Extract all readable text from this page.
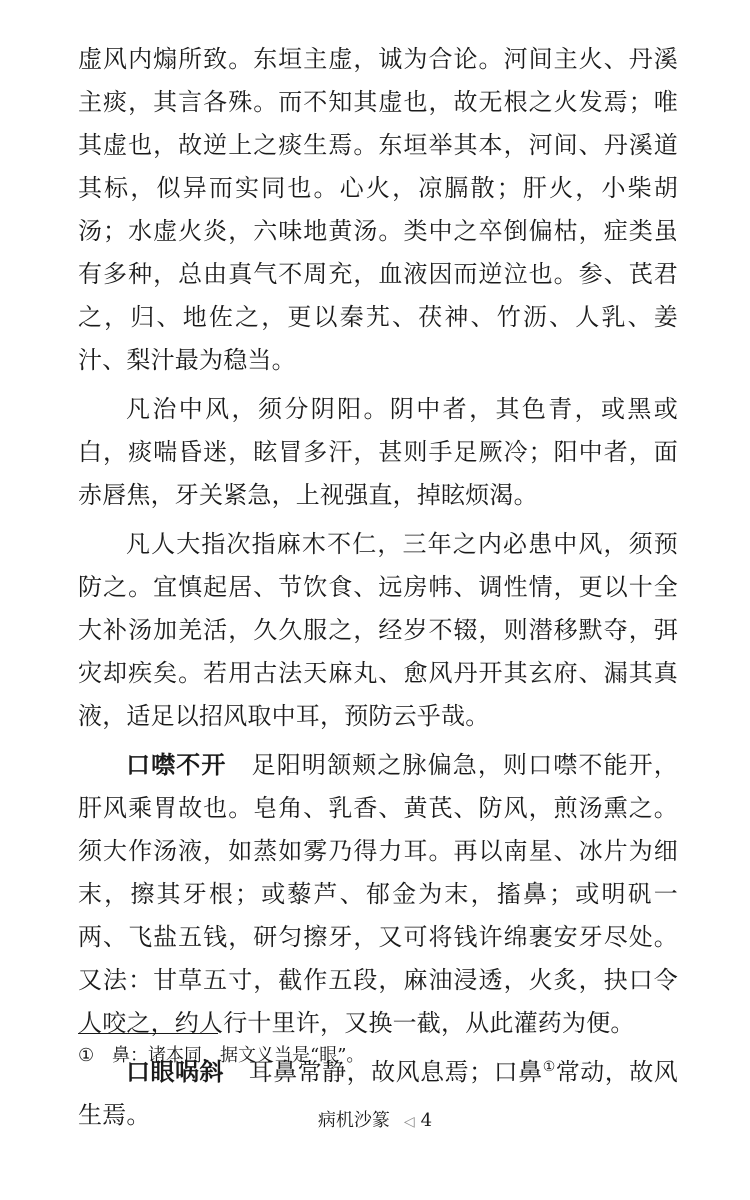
虚风内煽所致。东垣主虚，诚为合论。河间主火、丹溪主痰，其言各殊。而不知其虚也，故无根之火发焉；唯其虚也，故逆上之痰生焉。东垣举其本，河间、丹溪道其标，似异而实同也。心火，凉膈散；肝火，小柴胡汤；水虚火炎，六味地黄汤。类中之卒倒偏枯，症类虽有多种，总由真气不周充，血液因而逆泣也。参、芪君之，归、地佐之，更以秦艽、茯神、竹沥、人乳、姜汁、梨汁最为稳当。

凡治中风，须分阴阳。阴中者，其色青，或黑或白，痰喘昏迷，眩冒多汗，甚则手足厥冷；阳中者，面赤唇焦，牙关紧急，上视强直，掉眩烦渴。

凡人大指次指麻木不仁，三年之内必患中风，须预防之。宜慎起居、节饮食、远房帏、调性情，更以十全大补汤加羌活，久久服之，经岁不辍，则潜移默夺，弭灾却疾矣。若用古法天麻丸、愈风丹开其玄府、漏其真液，适足以招风取中耳，预防云乎哉。

口噤不开　 足阳明颔颊之脉偏急，则口噤不能开，肝风乘胃故也。皂角、乳香、黄芪、防风，煎汤熏之。须大作汤液，如蒸如雾乃得力耳。再以南星、冰片为细末，擦其牙根；或藜芦、郁金为末，搐鼻；或明矾一两、飞盐五钱，研匀擦牙，又可将钱许绵裹安牙尽处。又法：甘草五寸，截作五段，麻油浸透，火炙，抉口令人咬之，约人行十里许，又换一截，从此灌药为便。

口眼㖞斜　 耳鼻常静，故风息焉；口鼻①常动，故风生焉。

① 鼻：诸本同，据文义当是“眼”。
病机沙篆 ◁ 4
